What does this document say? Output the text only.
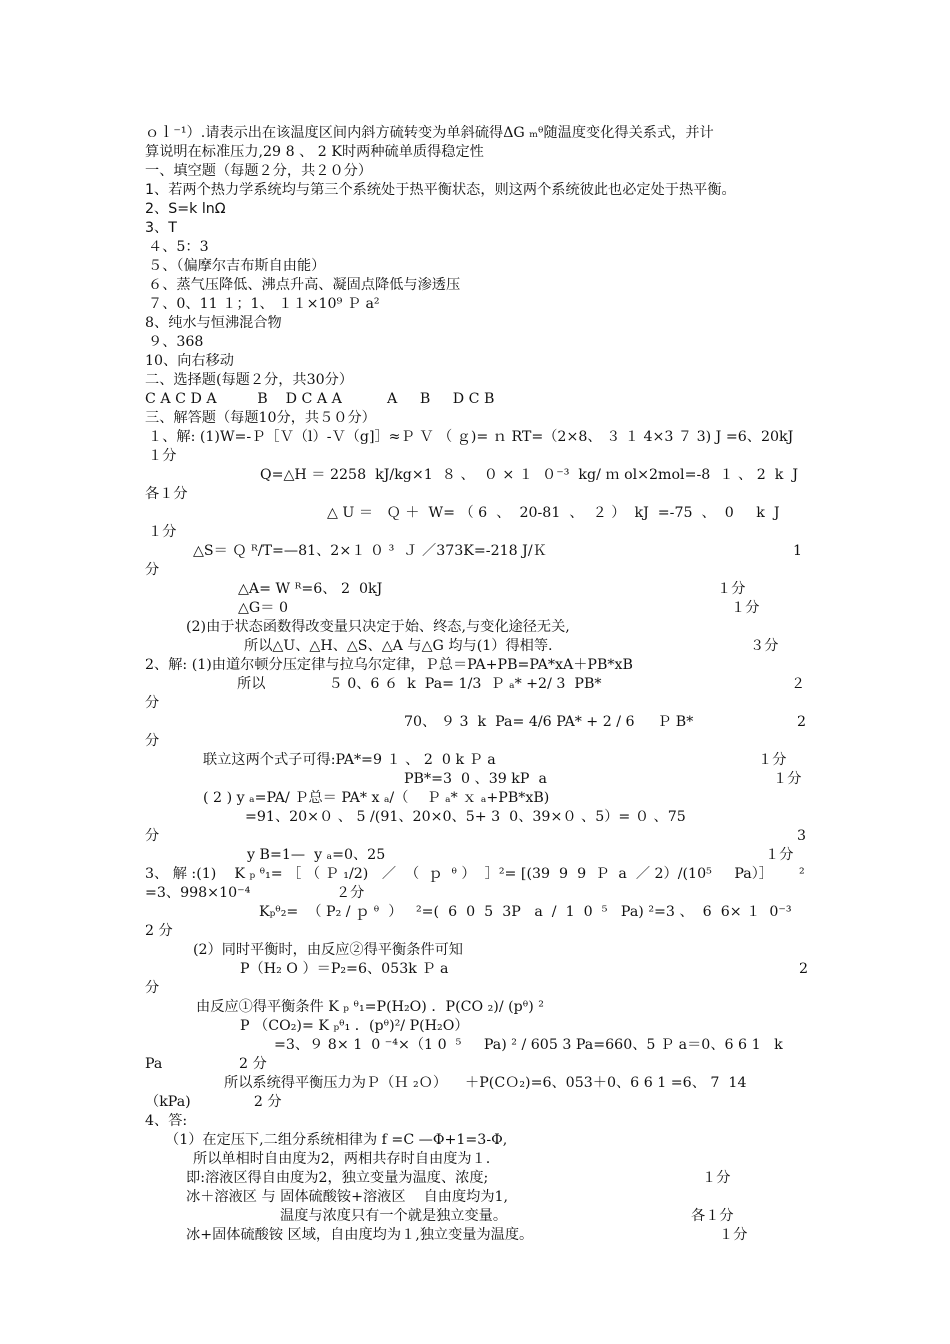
ｏｌ⁻¹）.请表示出在该温度区间内斜方硫转变为单斜硫得ΔG ₘᶿ随温度变化得关系式，并计
算说明在标准压力,29 8 、 2 K时两种硫单质得稳定性
一、填空题（每题２分，共２０分）
1、若两个热力学系统均与第三个系统处于热平衡状态，则这两个系统彼此也必定处于热平衡。
2、S=k lnΩ
3、T
４、5：3
５、（偏摩尔吉布斯自由能）
６、蒸气压降低、沸点升高、凝固点降低与渗透压
７、0、11 １；1、 １１×10⁹ Ｐ a²
8、纯水与恒沸混合物
９、368
10、向右移动
二、选择题(每题２分，共30分）
C A C D A         B    D C A A          A     B     D C B
三、解答题（每题10分，共５０分）
１、解: (1)W=-Ｐ［Ｖ（l）-Ｖ（g]］≈Ｐ Ｖ （ ｇ)= ｎ RT=（2×8、 ３ １ 4×3 ７ 3) J =6、20kJ
１分
Q=△H ＝ 2258  kJ/kg×1  ８ 、  ０ × １  ０⁻³  kg/ ｍ ol×2mol=-8  １ 、 2  k  J
各１分
△ U ＝   Ｑ ＋  W= （ 6  、  20-81  、  ２ ）  kJ  =-75  、  0     k  J
１分
△S＝ Ｑ ᴿ/T=—81、2×１ ０ ³  Ｊ ／373K=-218 J/Ｋ
分
△A= W ᴿ=6、 2  0kJ
△G＝ 0
(2)由于状态函数得改变量只决定于始、终态,与变化途径无关,
所以△U、△H、△S、△A 与△G 均与(1）得相等.
2、解: (1)由道尔顿分压定律与拉乌尔定律，Ｐ总＝PA+PB=PA*xA＋PB*xB
所以              ５ 0、6 ６  k  Pa= 1/3  Ｐ ₐ* +2/ 3  PB*
分
70、 ９ 3  k  Pa= 4/6 PA* + 2 / 6     Ｐ B*
分
联立这两个式子可得:PA*=9 １ 、 2  0 k Ｐ a
PB*=3  0 、39 kP  a
( 2 ) y ₐ=PA/ Ｐ总＝ PA* x ₐ/（    Ｐ ₐ* ｘ ₐ+PB*xB)
=91、20×０ 、 5 /(91、20×0、5+ 3  0、39×０ 、5）= ０ 、75
分
y B=1—  y ₐ=0、25
3、 解 :(1)    K ₚ ᶿ₁= ［ （ Ｐ ₁/2)   ／  （  ｐ  ᶿ ）  ］²= [(39  9  9  Ｐ  a  ／ 2）/(10⁵     Pa）］
=3、998×10⁻⁴                   ２分
Kₚᶿ₂=  （ P₂ / ｐ ᶿ  ）   ²=(  6  0  5  3P   a  /  1  0  ⁵   Pa) ²=3 、  6  6× １  0⁻³
2 分
(2）同时平衡时，由反应②得平衡条件可知
P（H₂ O ）＝P₂=6、053k Ｐ a
分
由反应①得平衡条件 K ₚ ᶿ₁=P(H₂O) ．P(CO ₂)/ (pᶿ) ²
P （CO₂)= K ₚᶿ₁ ．(pᶿ)²/ P(H₂O）
=3、９ 8× 1  0 ⁻⁴×（1 0  ⁵     Pa) ² / 605 3 Pa=660、5 Ｐ a＝0、6 6 1   k
Pa                 2 分
所以系统得平衡压力为Ｐ（Ｈ ₂Ｏ）    ＋P(CＯ₂)=6、053＋0、6 6 1 =6、 7  14
（kPa)              2 分
4、答:
（1）在定压下,二组分系统相律为 f =C —Φ+1=3-Φ,
所以单相时自由度为2，两相共存时自由度为１.
即:溶液区得自由度为2，独立变量为温度、浓度;
冰＋溶液区 与 固体硫酸铵+溶液区    自由度均为1,
温度与浓度只有一个就是独立变量。
冰+固体硫酸铵 区域，自由度均为１,独立变量为温度。
1
１分
１分
３分
２
2
１分
１分
3
１分
²
2
１分
各１分
１分
